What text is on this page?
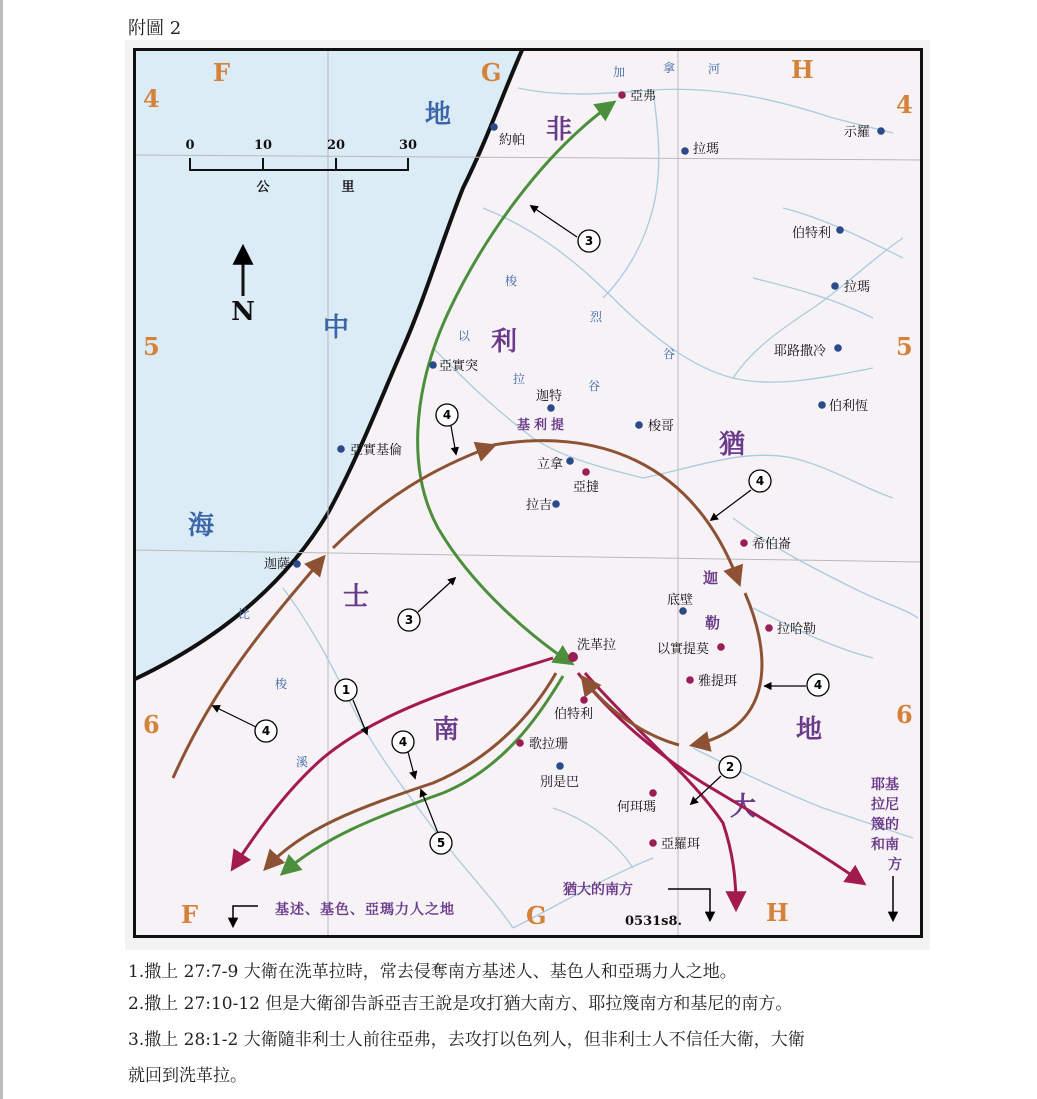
附圖 2
F	G	H
F	G	H
4
5
6
4
5
6
0	10	20	30
公	里
N
地
中
海
非
利
士
猶
地
南
大
迦
勒
加	拿	河
梭
烈
谷
以
拉	谷
比
梭
溪
3
4
4
3
4
1
4
4
2
5
亞弗
約帕
拉瑪
示羅
伯特利
拉瑪
耶路撒冷
伯利恆
亞實突
迦特
梭哥
亞實基倫
立拿
亞撻
拉吉
希伯崙
迦薩
底壁
洗革拉	以實提莫
拉哈勒
雅提珥
伯特利
歌拉珊
別是巴
何珥瑪
亞羅珥
基利提
基述、基色、亞瑪力人之地
猶大的南方
耶基
拉尼
篾的
和南
方
0531s8.
1.撒上 27:7-9 大衛在洗革拉時，常去侵奪南方基述人、基色人和亞瑪力人之地。
2.撒上 27:10-12 但是大衛卻告訴亞吉王說是攻打猶大南方、耶拉篾南方和基尼的南方。
3.撒上 28:1-2 大衛隨非利士人前往亞弗，去攻打以色列人，但非利士人不信任大衛，大衛
就回到洗革拉。
